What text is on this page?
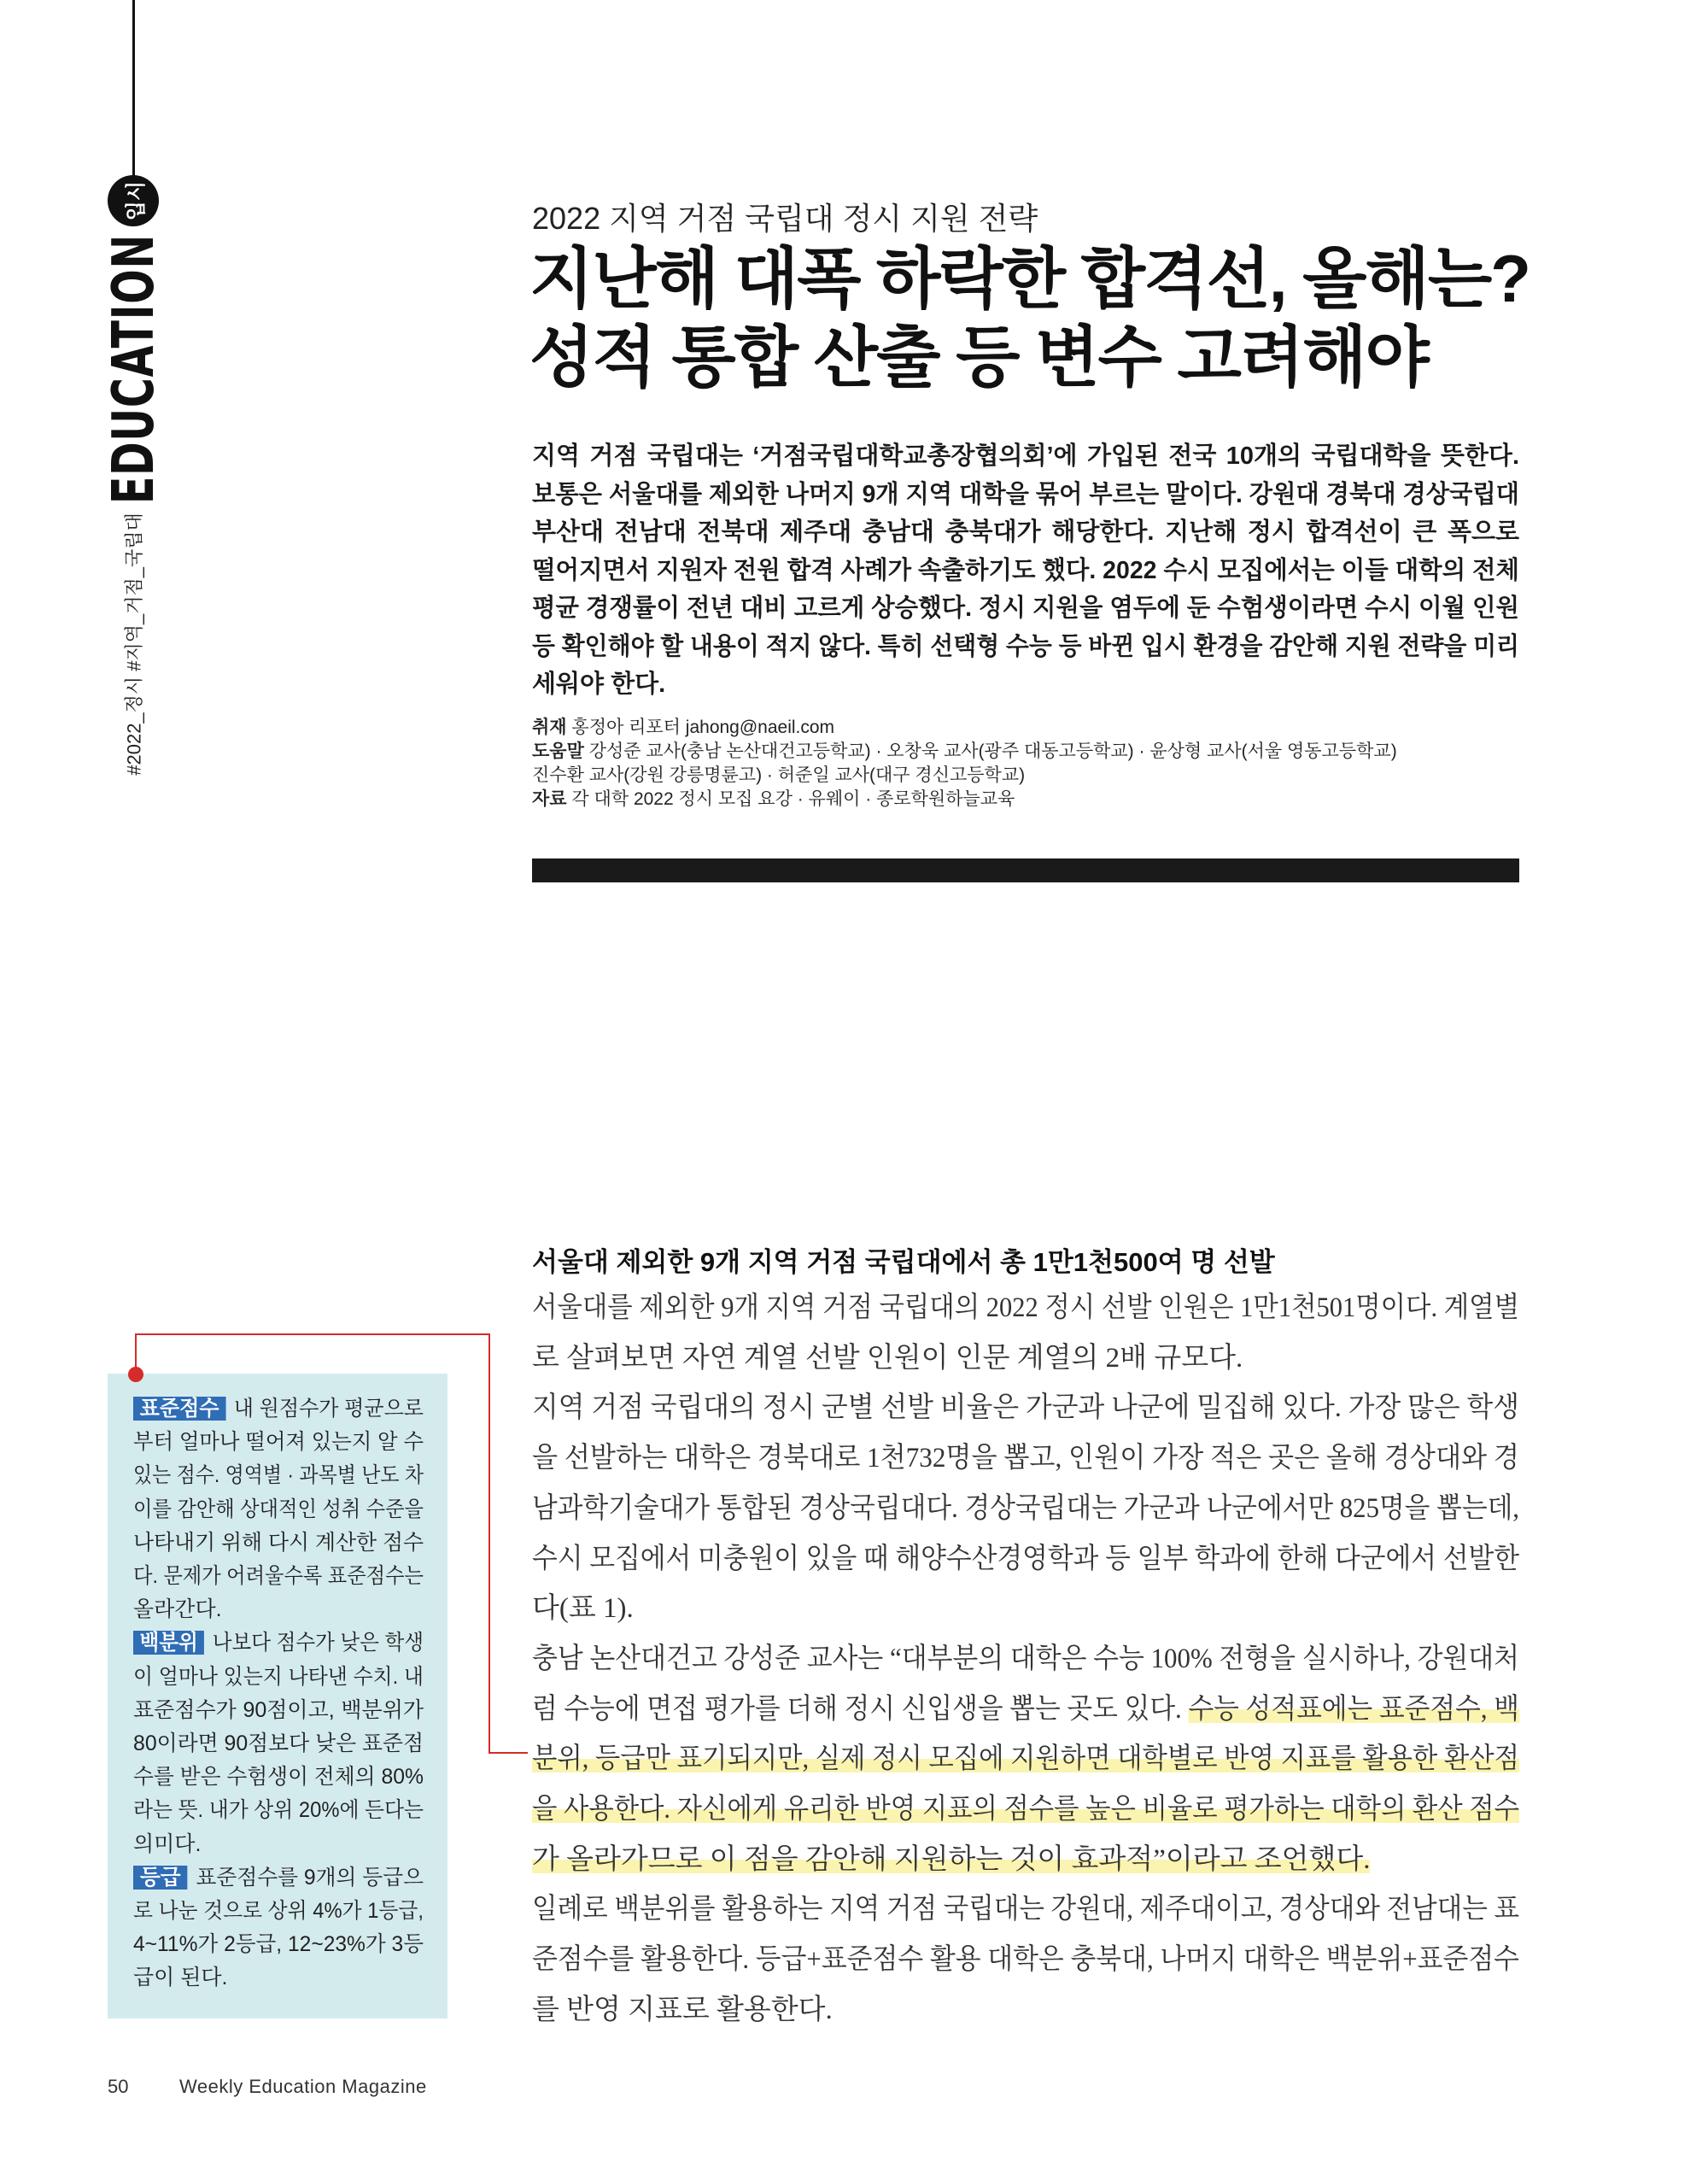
입시
EDUCATION
#2022_정시 #지역_거점_국립대
2022 지역 거점 국립대 정시 지원 전략
지난해 대폭 하락한 합격선, 올해는?
성적 통합 산출 등 변수 고려해야
지역 거점 국립대는 ‘거점국립대학교총장협의회’에 가입된 전국 10개의 국립대학을 뜻한다.
보통은 서울대를 제외한 나머지 9개 지역 대학을 묶어 부르는 말이다. 강원대 경북대 경상국립대
부산대 전남대 전북대 제주대 충남대 충북대가 해당한다. 지난해 정시 합격선이 큰 폭으로
떨어지면서 지원자 전원 합격 사례가 속출하기도 했다. 2022 수시 모집에서는 이들 대학의 전체
평균 경쟁률이 전년 대비 고르게 상승했다. 정시 지원을 염두에 둔 수험생이라면 수시 이월 인원
등 확인해야 할 내용이 적지 않다. 특히 선택형 수능 등 바뀐 입시 환경을 감안해 지원 전략을 미리
세워야 한다.
취재 홍정아 리포터 jahong@naeil.com
도움말 강성준 교사(충남 논산대건고등학교) · 오창욱 교사(광주 대동고등학교) · 윤상형 교사(서울 영동고등학교)
진수환 교사(강원 강릉명륜고) · 허준일 교사(대구 경신고등학교)
자료 각 대학 2022 정시 모집 요강 · 유웨이 · 종로학원하늘교육
서울대 제외한 9개 지역 거점 국립대에서 총 1만1천500여 명 선발
서울대를 제외한 9개 지역 거점 국립대의 2022 정시 선발 인원은 1만1천501명이다. 계열별
로 살펴보면 자연 계열 선발 인원이 인문 계열의 2배 규모다.
지역 거점 국립대의 정시 군별 선발 비율은 가군과 나군에 밀집해 있다. 가장 많은 학생
을 선발하는 대학은 경북대로 1천732명을 뽑고, 인원이 가장 적은 곳은 올해 경상대와 경
남과학기술대가 통합된 경상국립대다. 경상국립대는 가군과 나군에서만 825명을 뽑는데,
수시 모집에서 미충원이 있을 때 해양수산경영학과 등 일부 학과에 한해 다군에서 선발한
다(표 1).
충남 논산대건고 강성준 교사는 “대부분의 대학은 수능 100% 전형을 실시하나, 강원대처
럼 수능에 면접 평가를 더해 정시 신입생을 뽑는 곳도 있다. 수능 성적표에는 표준점수, 백
분위, 등급만 표기되지만, 실제 정시 모집에 지원하면 대학별로 반영 지표를 활용한 환산점
을 사용한다. 자신에게 유리한 반영 지표의 점수를 높은 비율로 평가하는 대학의 환산 점수
가 올라가므로 이 점을 감안해 지원하는 것이 효과적”이라고 조언했다.
일례로 백분위를 활용하는 지역 거점 국립대는 강원대, 제주대이고, 경상대와 전남대는 표
준점수를 활용한다. 등급+표준점수 활용 대학은 충북대, 나머지 대학은 백분위+표준점수
를 반영 지표로 활용한다.
표준점수 내 원점수가 평균으로
부터 얼마나 떨어져 있는지 알 수
있는 점수. 영역별 · 과목별 난도 차
이를 감안해 상대적인 성취 수준을
나타내기 위해 다시 계산한 점수
다. 문제가 어려울수록 표준점수는
올라간다.
백분위 나보다 점수가 낮은 학생
이 얼마나 있는지 나타낸 수치. 내
표준점수가 90점이고, 백분위가
80이라면 90점보다 낮은 표준점
수를 받은 수험생이 전체의 80%
라는 뜻. 내가 상위 20%에 든다는
의미다.
등급 표준점수를 9개의 등급으
로 나눈 것으로 상위 4%가 1등급,
4~11%가 2등급, 12~23%가 3등
급이 된다.
50	Weekly Education Magazine
